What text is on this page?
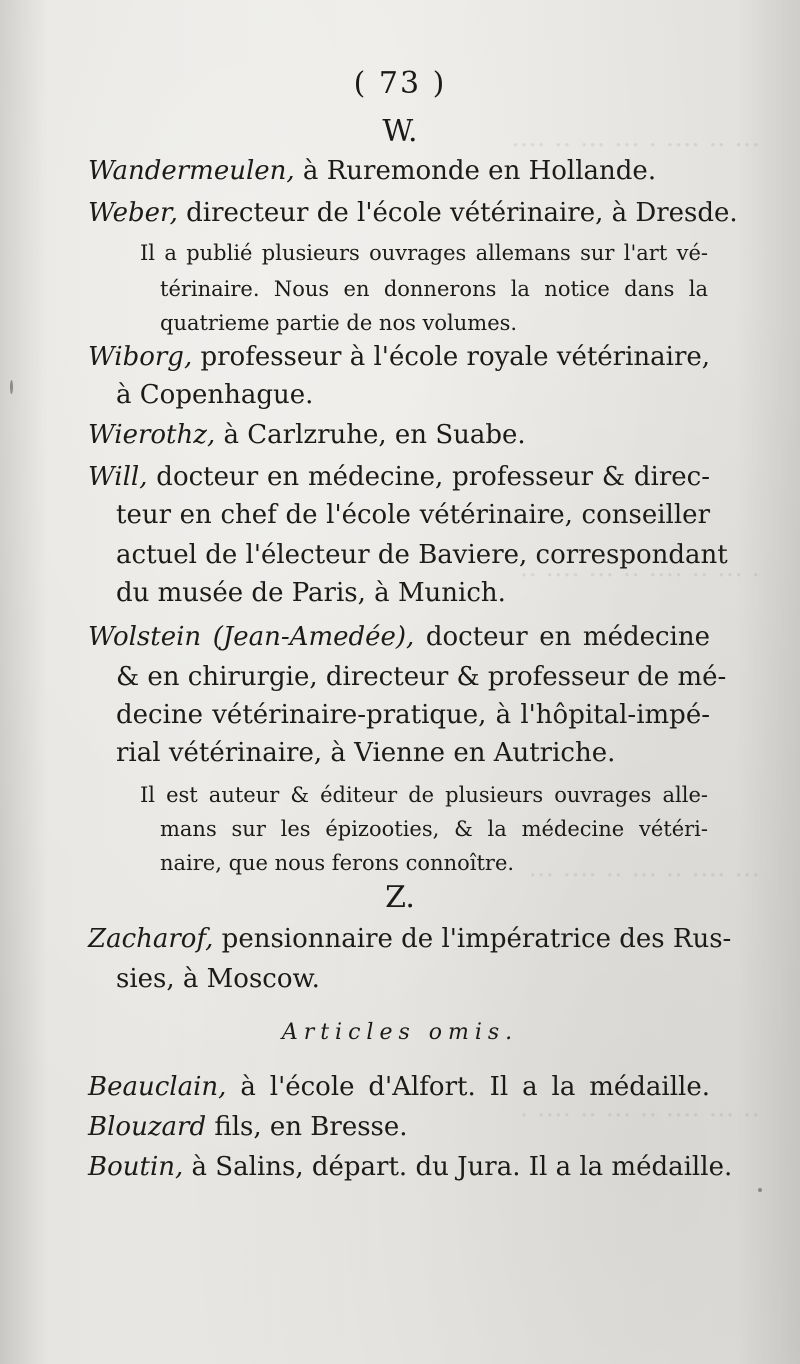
··· ·· ···· · ··· ··· ·· ····
· ··· ·· ···· ·· ··· ···· ··
··· ···· ·· ··· ·· ···· ···
·· ··· ···· ·· ··· ·· ···· ·
( 73 )
W.
Wandermeulen, à Ruremonde en Hollande.
Weber, directeur de l'école vétérinaire, à Dresde.
Il a publié plusieurs ouvrages allemans sur l'art vé-
térinaire. Nous en donnerons la notice dans la
quatrieme partie de nos volumes.
Wiborg, professeur à l'école royale vétérinaire,
à Copenhague.
Wierothz, à Carlzruhe, en Suabe.
Will, docteur en médecine, professeur & direc-
teur en chef de l'école vétérinaire, conseiller
actuel de l'électeur de Baviere, correspondant
du musée de Paris, à Munich.
Wolstein (Jean-Amedée), docteur en médecine
& en chirurgie, directeur & professeur de mé-
decine vétérinaire-pratique, à l'hôpital-impé-
rial vétérinaire, à Vienne en Autriche.
Il est auteur & éditeur de plusieurs ouvrages alle-
mans sur les épizooties, & la médecine vétéri-
naire, que nous ferons connoître.
Z.
Zacharof, pensionnaire de l'impératrice des Rus-
sies, à Moscow.
Articles omis.
Beauclain, à l'école d'Alfort. Il a la médaille.
Blouzard fils, en Bresse.
Boutin, à Salins, départ. du Jura. Il a la médaille.
